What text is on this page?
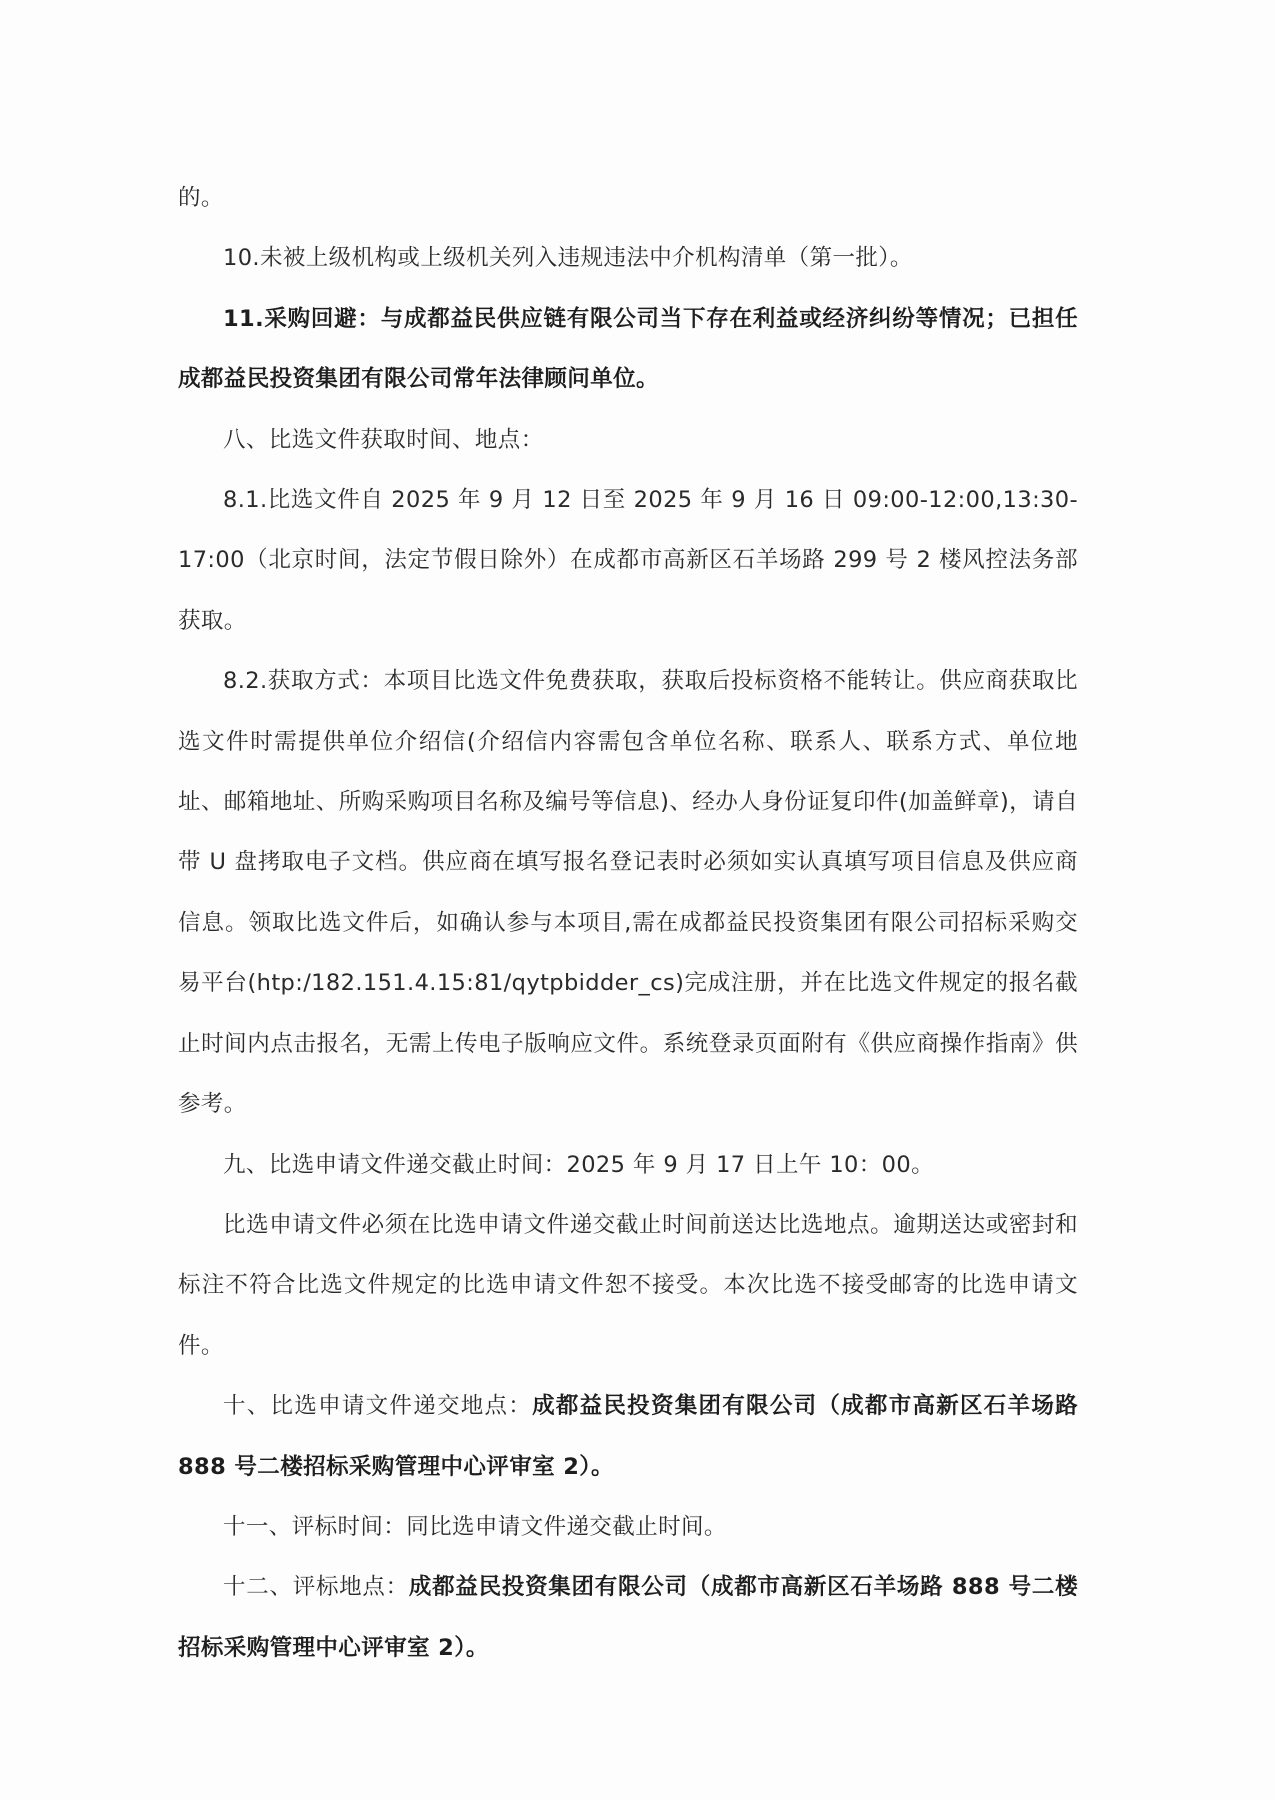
的。

10.未被上级机构或上级机关列入违规违法中介机构清单（第一批）。

11.采购回避：与成都益民供应链有限公司当下存在利益或经济纠纷等情况；已担任成都益民投资集团有限公司常年法律顾问单位。

八、比选文件获取时间、地点：

8.1.比选文件自 2025 年 9 月 12 日至 2025 年 9 月 16 日 09:00-12:00,13:30-17:00（北京时间，法定节假日除外）在成都市高新区石羊场路 299 号 2 楼风控法务部获取。

8.2.获取方式：本项目比选文件免费获取，获取后投标资格不能转让。供应商获取比选文件时需提供单位介绍信(介绍信内容需包含单位名称、联系人、联系方式、单位地址、邮箱地址、所购采购项目名称及编号等信息)、经办人身份证复印件(加盖鲜章)，请自带 U 盘拷取电子文档。供应商在填写报名登记表时必须如实认真填写项目信息及供应商信息。领取比选文件后，如确认参与本项目,需在成都益民投资集团有限公司招标采购交易平台(htp:/182.151.4.15:81/qytpbidder_cs)完成注册，并在比选文件规定的报名截止时间内点击报名，无需上传电子版响应文件。系统登录页面附有《供应商操作指南》供参考。

九、比选申请文件递交截止时间：2025 年 9 月 17 日上午 10：00。

比选申请文件必须在比选申请文件递交截止时间前送达比选地点。逾期送达或密封和标注不符合比选文件规定的比选申请文件恕不接受。本次比选不接受邮寄的比选申请文件。

十、比选申请文件递交地点：成都益民投资集团有限公司（成都市高新区石羊场路 888 号二楼招标采购管理中心评审室 2）。

十一、评标时间：同比选申请文件递交截止时间。

十二、评标地点：成都益民投资集团有限公司（成都市高新区石羊场路 888 号二楼招标采购管理中心评审室 2）。
